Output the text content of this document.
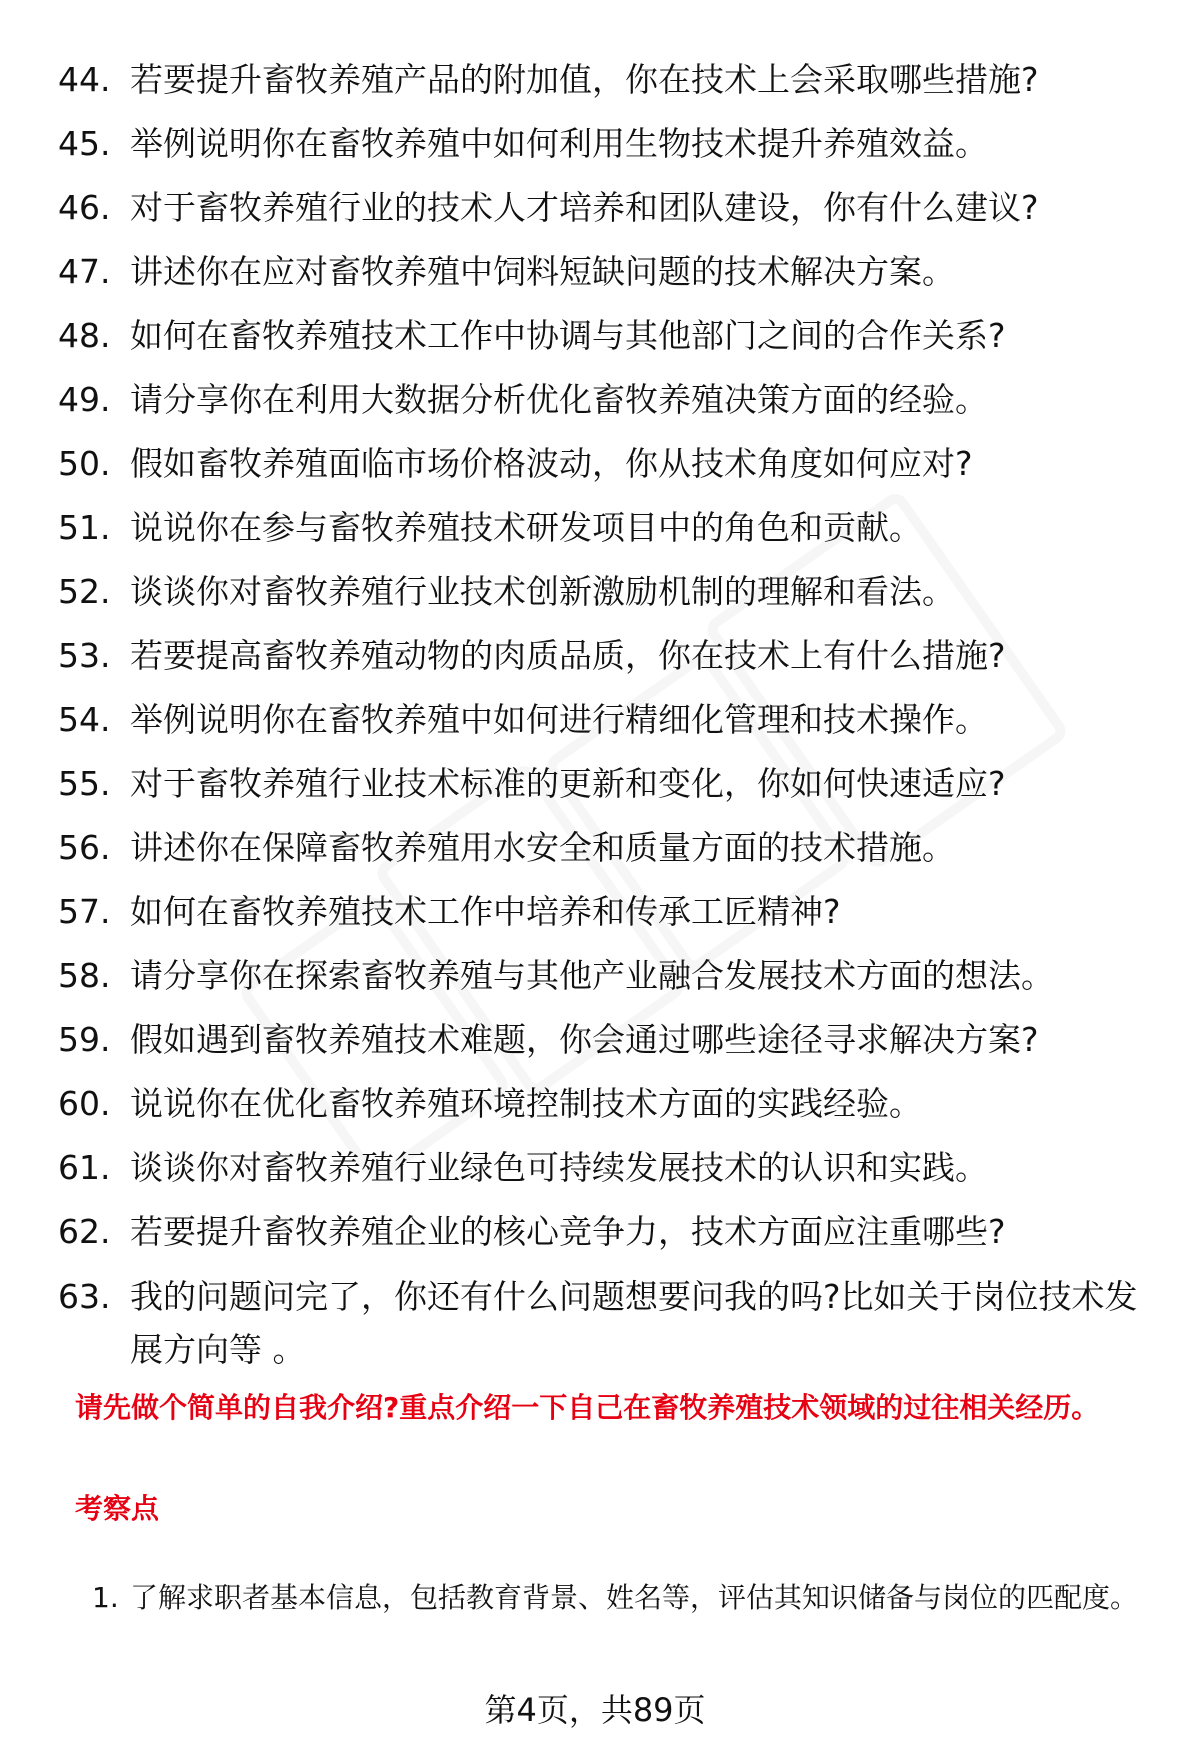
44. 若要提升畜牧养殖产品的附加值，你在技术上会采取哪些措施?
45. 举例说明你在畜牧养殖中如何利用生物技术提升养殖效益。
46. 对于畜牧养殖行业的技术人才培养和团队建设，你有什么建议?
47. 讲述你在应对畜牧养殖中饲料短缺问题的技术解决方案。
48. 如何在畜牧养殖技术工作中协调与其他部门之间的合作关系?
49. 请分享你在利用大数据分析优化畜牧养殖决策方面的经验。
50. 假如畜牧养殖面临市场价格波动，你从技术角度如何应对?
51. 说说你在参与畜牧养殖技术研发项目中的角色和贡献。
52. 谈谈你对畜牧养殖行业技术创新激励机制的理解和看法。
53. 若要提高畜牧养殖动物的肉质品质，你在技术上有什么措施?
54. 举例说明你在畜牧养殖中如何进行精细化管理和技术操作。
55. 对于畜牧养殖行业技术标准的更新和变化，你如何快速适应?
56. 讲述你在保障畜牧养殖用水安全和质量方面的技术措施。
57. 如何在畜牧养殖技术工作中培养和传承工匠精神?
58. 请分享你在探索畜牧养殖与其他产业融合发展技术方面的想法。
59. 假如遇到畜牧养殖技术难题，你会通过哪些途径寻求解决方案?
60. 说说你在优化畜牧养殖环境控制技术方面的实践经验。
61. 谈谈你对畜牧养殖行业绿色可持续发展技术的认识和实践。
62. 若要提升畜牧养殖企业的核心竞争力，技术方面应注重哪些?
63. 我的问题问完了，你还有什么问题想要问我的吗?比如关于岗位技术发展方向等 。

请先做个简单的自我介绍?重点介绍一下自己在畜牧养殖技术领域的过往相关经历。

考察点

1. 了解求职者基本信息，包括教育背景、姓名等，评估其知识储备与岗位的匹配度。
第4页，共89页
